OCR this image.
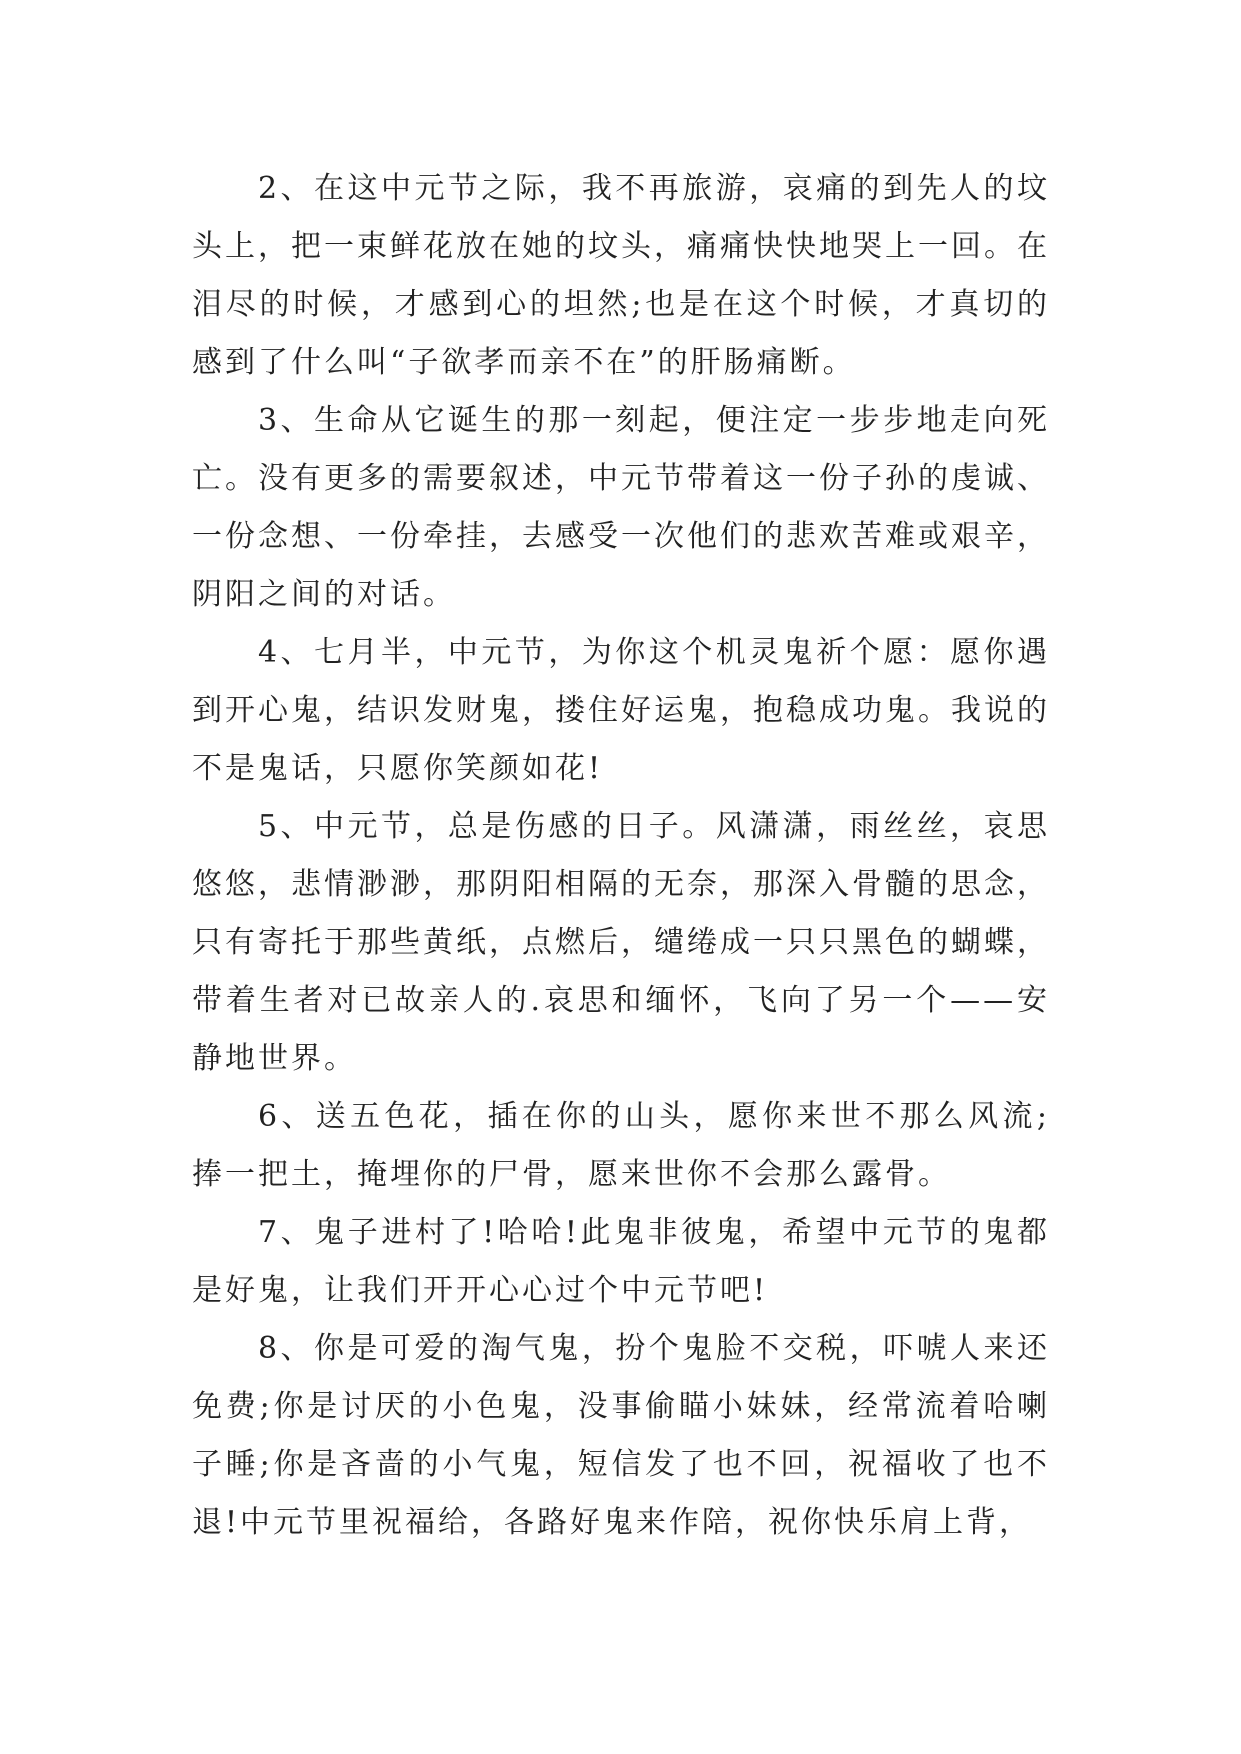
2、在这中元节之际，我不再旅游，哀痛的到先人的坟头上，把一束鲜花放在她的坟头，痛痛快快地哭上一回。在泪尽的时候，才感到心的坦然;也是在这个时候，才真切的感到了什么叫“子欲孝而亲不在”的肝肠痛断。

3、生命从它诞生的那一刻起，便注定一步步地走向死亡。没有更多的需要叙述，中元节带着这一份子孙的虔诚、一份念想、一份牵挂，去感受一次他们的悲欢苦难或艰辛，阴阳之间的对话。

4、七月半，中元节，为你这个机灵鬼祈个愿：愿你遇到开心鬼，结识发财鬼，搂住好运鬼，抱稳成功鬼。我说的不是鬼话，只愿你笑颜如花!

5、中元节，总是伤感的日子。风潇潇，雨丝丝，哀思悠悠，悲情渺渺，那阴阳相隔的无奈，那深入骨髓的思念，只有寄托于那些黄纸，点燃后，缱绻成一只只黑色的蝴蝶，带着生者对已故亲人的.哀思和缅怀，飞向了另一个——安静地世界。

6、送五色花，插在你的山头，愿你来世不那么风流;捧一把土，掩埋你的尸骨，愿来世你不会那么露骨。

7、鬼子进村了!哈哈!此鬼非彼鬼，希望中元节的鬼都是好鬼，让我们开开心心过个中元节吧!

8、你是可爱的淘气鬼，扮个鬼脸不交税，吓唬人来还免费;你是讨厌的小色鬼，没事偷瞄小妹妹，经常流着哈喇子睡;你是吝啬的小气鬼，短信发了也不回，祝福收了也不退!中元节里祝福给，各路好鬼来作陪，祝你快乐肩上背，
